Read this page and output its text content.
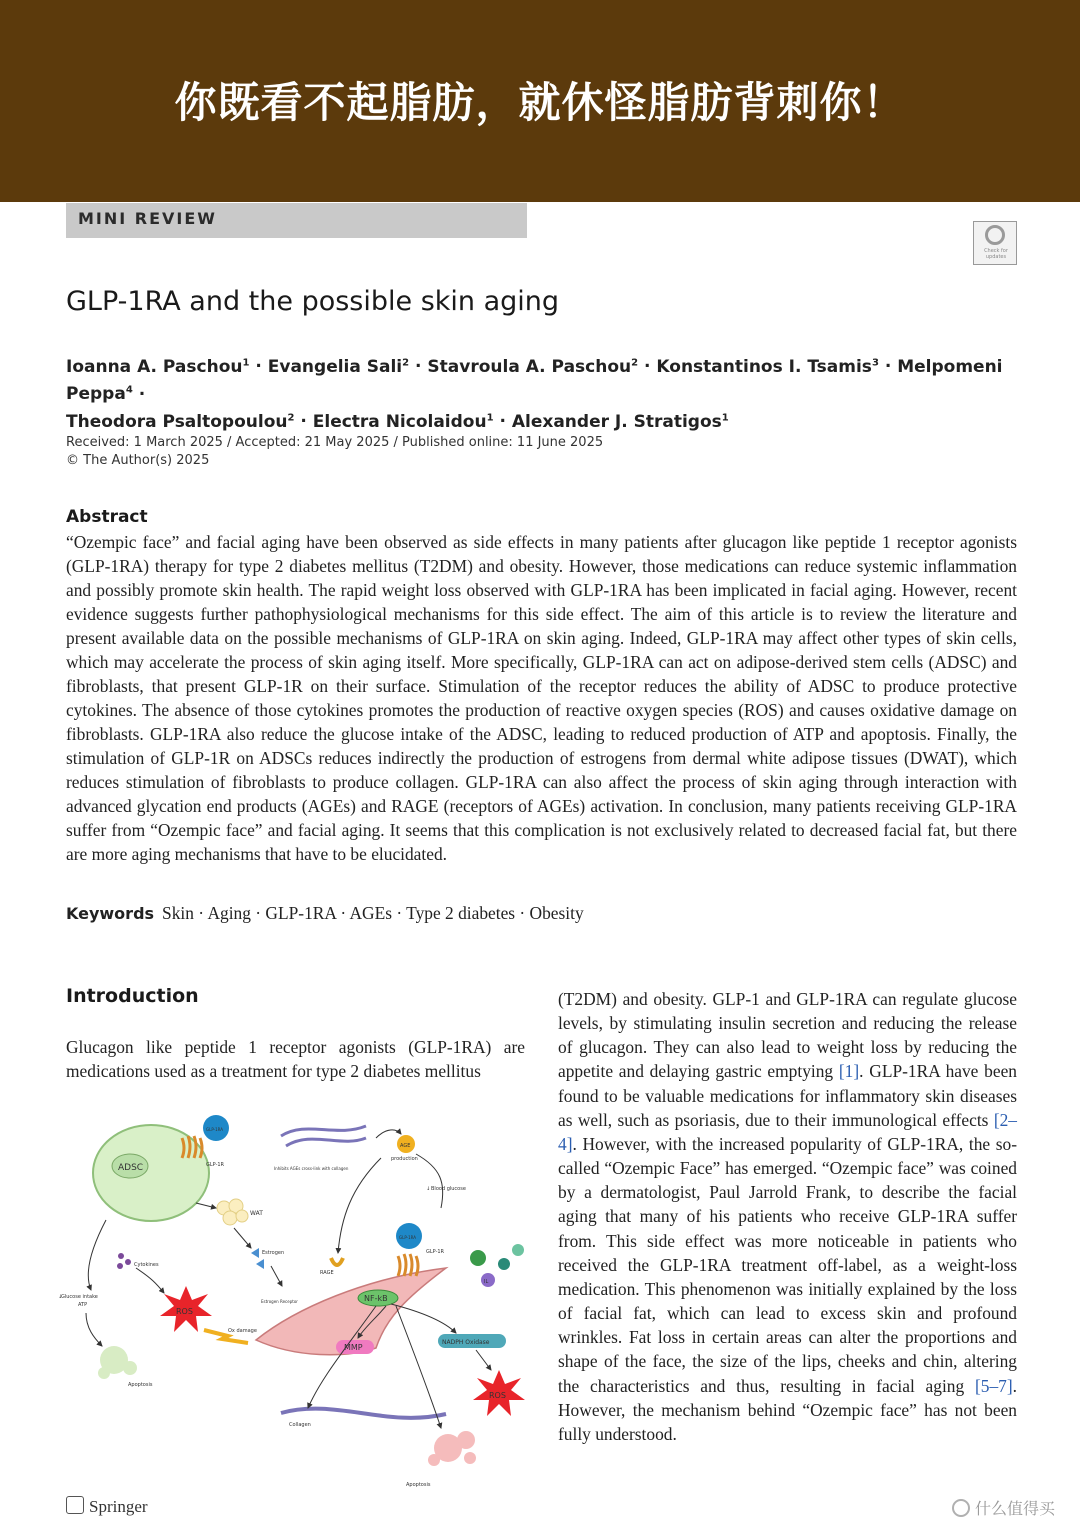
你既看不起脂肪，就休怪脂肪背刺你！
MINI REVIEW
Check for updates
GLP-1RA and the possible skin aging
Ioanna A. Paschou$^1$ · Evangelia Sali$^2$ · Stavroula A. Paschou$^2$ · Konstantinos I. Tsamis$^3$ · Melpomeni Peppa$^4$ ·
Theodora Psaltopoulou$^2$ · Electra Nicolaidou$^1$ · Alexander J. Stratigos$^1$
Received: 1 March 2025 / Accepted: 21 May 2025 / Published online: 11 June 2025
© The Author(s) 2025
Abstract
“Ozempic face” and facial aging have been observed as side effects in many patients after glucagon like peptide 1 receptor agonists (GLP-1RA) therapy for type 2 diabetes mellitus (T2DM) and obesity. However, those medications can reduce systemic inflammation and possibly promote skin health. The rapid weight loss observed with GLP-1RA has been implicated in facial aging. However, recent evidence suggests further pathophysiological mechanisms for this side effect. The aim of this article is to review the literature and present available data on the possible mechanisms of GLP-1RA on skin aging. Indeed, GLP-1RA may affect other types of skin cells, which may accelerate the process of skin aging itself. More specifically, GLP-1RA can act on adipose-derived stem cells (ADSC) and fibroblasts, that present GLP-1R on their surface. Stimulation of the receptor reduces the ability of ADSC to produce protective cytokines. The absence of those cytokines promotes the production of reactive oxygen species (ROS) and causes oxidative damage on fibroblasts. GLP-1RA also reduce the glucose intake of the ADSC, leading to reduced production of ATP and apoptosis. Finally, the stimulation of GLP-1R on ADSCs reduces indirectly the production of estrogens from dermal white adipose tissues (DWAT), which reduces stimulation of fibroblasts to produce collagen. GLP-1RA can also affect the process of skin aging through interaction with advanced glycation end products (AGEs) and RAGE (receptors of AGEs) activation. In conclusion, many patients receiving GLP-1RA suffer from “Ozempic face” and facial aging. It seems that this complication is not exclusively related to decreased facial fat, but there are more aging mechanisms that have to be elucidated.
Keywords Skin · Aging · GLP-1RA · AGEs · Type 2 diabetes · Obesity
Introduction
Glucagon like peptide 1 receptor agonists (GLP-1RA) are medications used as a treatment for type 2 diabetes mellitus
(T2DM) and obesity. GLP-1 and GLP-1RA can regulate glucose levels, by stimulating insulin secretion and reducing the release of glucagon. They can also lead to weight loss by reducing the appetite and delaying gastric emptying [1]. GLP-1RA have been found to be valuable medications for inflammatory skin diseases as well, such as psoriasis, due to their immunological effects [2–4]. However, with the increased popularity of GLP-1RA, the so-called “Ozempic Face” has emerged. “Ozempic face” was coined by a dermatologist, Paul Jarrold Frank, to describe the facial aging that many of his patients who receive GLP-1RA suffer from. This side effect was more noticeable in patients who received the GLP-1RA treatment off-label, as a weight-loss medication. This phenomenon was initially explained by the loss of facial fat, which can lead to excess skin and profound wrinkles. Fat loss in certain areas can alter the proportions and shape of the face, the size of the lips, cheeks and chin, altering the characteristics and thus, resulting in facial aging [5–7]. However, the mechanism behind “Ozempic face” has not been fully understood.
ADSC
GLP-1RA
GLP-1R
WAT
Cytokines
Estrogen
Estrogen Receptor
↓
Glucose intake
ATP
ROS
Ox damage
Apoptosis
Inhibits AGEs cross-link with collagen
AGE
production
↓ Blood glucose
GLP-1RA
GLP-1R
RAGE
NF-kB
MMP
NADPH Oxidase
ROS
IL
Collagen
Apoptosis
Springer	什么值得买
